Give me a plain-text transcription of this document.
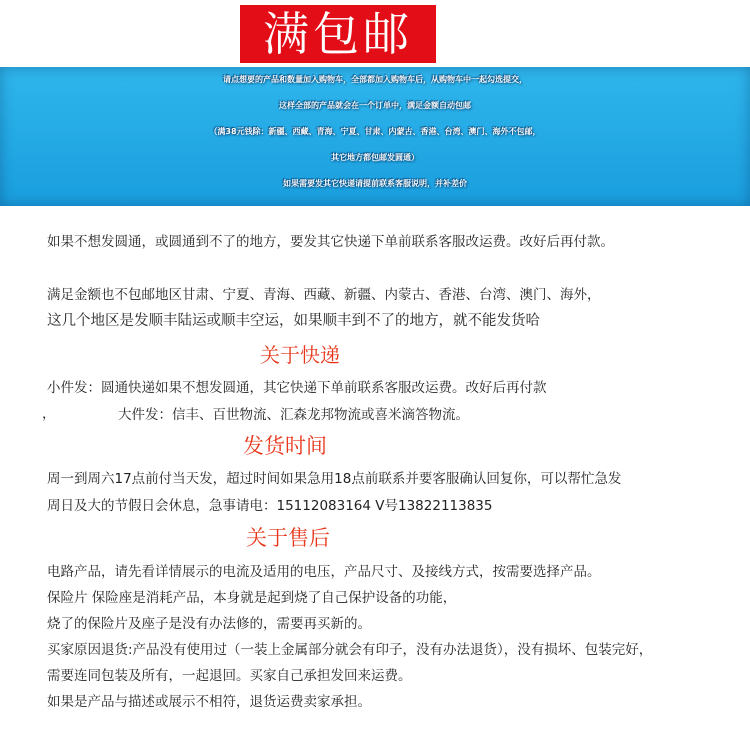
满包邮
请点想要的产品和数量加入购物车，全部都加入购物车后，从购物车中一起勾选提交，
这样全部的产品就会在一个订单中，满足金额自动包邮
（满38元钱除：新疆、西藏、青海、宁夏、甘肃、内蒙古、香港、台湾、澳门、海外不包邮，
其它地方都包邮发圆通）
如果需要发其它快递请提前联系客服说明，并补差价
如果不想发圆通，或圆通到不了的地方，要发其它快递下单前联系客服改运费。改好后再付款。
满足金额也不包邮地区甘肃、宁夏、青海、西藏、新疆、内蒙古、香港、台湾、澳门、海外，
这几个地区是发顺丰陆运或顺丰空运，如果顺丰到不了的地方，就不能发货哈
关于快递
小件发：圆通快递如果不想发圆通，其它快递下单前联系客服改运费。改好后再付款
，	大件发：信丰、百世物流、汇森龙邦物流或喜米滴答物流。
发货时间
周一到周六17点前付当天发，超过时间如果急用18点前联系并要客服确认回复你，可以帮忙急发
周日及大的节假日会休息，急事请电：15112083164 V号13822113835
关于售后
电路产品，请先看详情展示的电流及适用的电压，产品尺寸、及接线方式，按需要选择产品。
保险片 保险座是消耗产品，本身就是起到烧了自己保护设备的功能，
烧了的保险片及座子是没有办法修的，需要再买新的。
买家原因退货:产品没有使用过（一装上金属部分就会有印子，没有办法退货），没有损坏、包装完好，
需要连同包装及所有，一起退回。买家自己承担发回来运费。
如果是产品与描述或展示不相符，退货运费卖家承担。
